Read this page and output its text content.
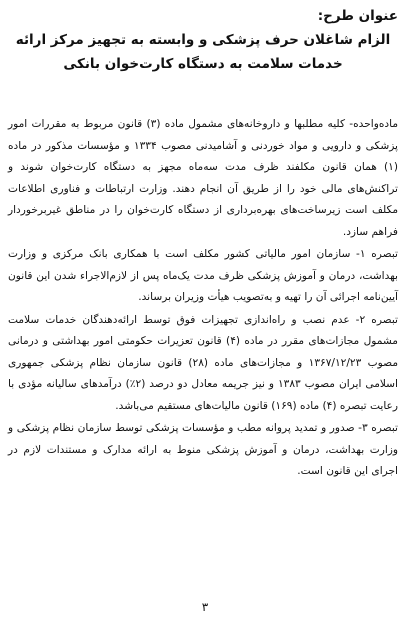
عنوان طرح:

الزام شاغلان حرف پزشکی و وابسته به تجهیز مرکز ارائه

خدمات سلامت به دستگاه کارت‌خوان بانکی

ماده‌واحده- کلیه مطلبها و داروخانه‌های مشمول ماده (۳) قانون مربوط به مقررات امور پزشکی و دارویی و مواد خوردنی و آشامیدنی مصوب ۱۳۳۴ و مؤسسات مذکور در ماده (۱) همان قانون مکلفند ظرف مدت سه‌ماه مجهز به دستگاه کارت‌خوان شوند و تراکنش‌های مالی خود را از طریق آن انجام دهند. وزارت ارتباطات و فناوری اطلاعات مکلف است زیرساخت‌های بهره‌برداری از دستگاه کارت‌خوان را در مناطق غیربرخوردار فراهم سازد.

تبصره ۱- سازمان امور مالیاتی کشور مکلف است با همکاری بانک مرکزی و وزارت بهداشت، درمان و آموزش پزشکی ظرف مدت یک‌ماه پس از لازم‌الاجراء شدن این قانون آیین‌نامه اجرائی آن را تهیه و به‌تصویب هیأت وزیران برساند.

تبصره ۲- عدم نصب و راه‌اندازی تجهیزات فوق توسط ارائه‌دهندگان خدمات سلامت مشمول مجازات‌های مقرر در ماده (۴) قانون تعزیرات حکومتی امور بهداشتی و درمانی مصوب ۱۳۶۷/۱۲/۲۳ و مجازات‌های ماده (۲۸) قانون سازمان نظام پزشکی جمهوری اسلامی ایران مصوب ۱۳۸۳ و نیز جریمه معادل دو درصد (۲٪) درآمدهای سالیانه مؤدی با رعایت تبصره (۴) ماده (۱۶۹) قانون مالیات‌های مستقیم می‌باشد.

تبصره ۳- صدور و تمدید پروانه مطب و مؤسسات پزشکی توسط سازمان نظام پزشکی و وزارت بهداشت، درمان و آموزش پزشکی منوط به ارائه مدارک و مستندات لازم در اجرای این قانون است.

۳
